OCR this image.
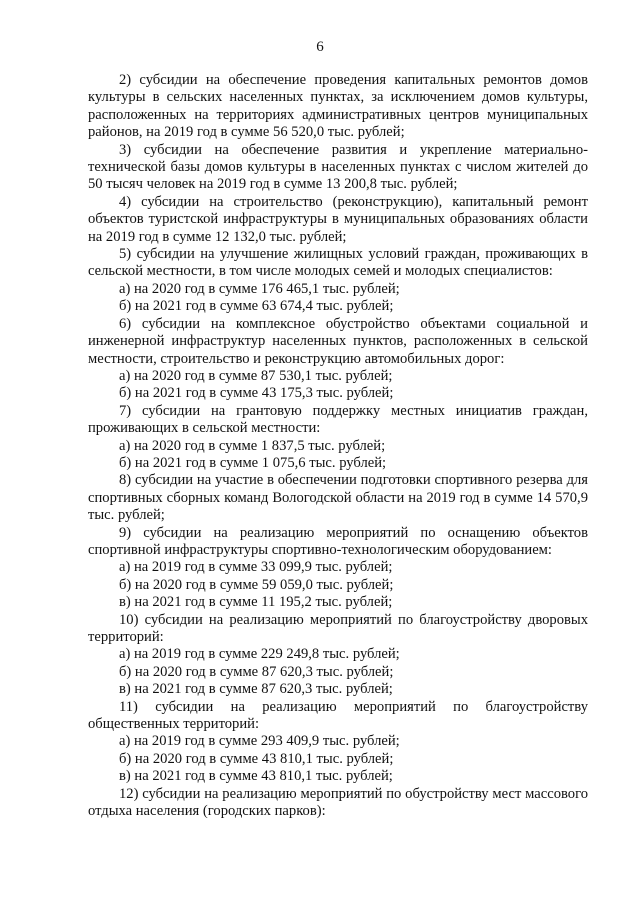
6

2) субсидии на обеспечение проведения капитальных ремонтов домов культуры в сельских населенных пунктах, за исключением домов культуры, расположенных на территориях административных центров муниципальных районов, на 2019 год в сумме 56 520,0 тыс. рублей;

3) субсидии на обеспечение развития и укрепление материально-технической базы домов культуры в населенных пунктах с числом жителей до 50 тысяч человек на 2019 год в сумме 13 200,8 тыс. рублей;

4) субсидии на строительство (реконструкцию), капитальный ремонт объектов туристской инфраструктуры в муниципальных образованиях области на 2019 год в сумме 12 132,0 тыс. рублей;

5) субсидии на улучшение жилищных условий граждан, проживающих в сельской местности, в том числе молодых семей и молодых специалистов:

а) на 2020 год в сумме 176 465,1 тыс. рублей;

б) на 2021 год в сумме 63 674,4 тыс. рублей;

6) субсидии на комплексное обустройство объектами социальной и инженерной инфраструктур населенных пунктов, расположенных в сельской местности, строительство и реконструкцию автомобильных дорог:

а) на 2020 год в сумме 87 530,1 тыс. рублей;

б) на 2021 год в сумме 43 175,3 тыс. рублей;

7) субсидии на грантовую поддержку местных инициатив граждан, проживающих в сельской местности:

а) на 2020 год в сумме 1 837,5 тыс. рублей;

б) на 2021 год в сумме 1 075,6 тыс. рублей;

8) субсидии на участие в обеспечении подготовки спортивного резерва для спортивных сборных команд Вологодской области на 2019 год в сумме 14 570,9 тыс. рублей;

9) субсидии на реализацию мероприятий по оснащению объектов спортивной инфраструктуры спортивно-технологическим оборудованием:

а) на 2019 год в сумме 33 099,9 тыс. рублей;

б) на 2020 год в сумме 59 059,0 тыс. рублей;

в) на 2021 год в сумме 11 195,2 тыс. рублей;

10) субсидии на реализацию мероприятий по благоустройству дворовых территорий:

а) на 2019 год в сумме 229 249,8 тыс. рублей;

б) на 2020 год в сумме 87 620,3 тыс. рублей;

в) на 2021 год в сумме 87 620,3 тыс. рублей;

11) субсидии на реализацию мероприятий по благоустройству общественных территорий:

а) на 2019 год в сумме 293 409,9 тыс. рублей;

б) на 2020 год в сумме 43 810,1 тыс. рублей;

в) на 2021 год в сумме 43 810,1 тыс. рублей;

12) субсидии на реализацию мероприятий по обустройству мест массового отдыха населения (городских парков):
